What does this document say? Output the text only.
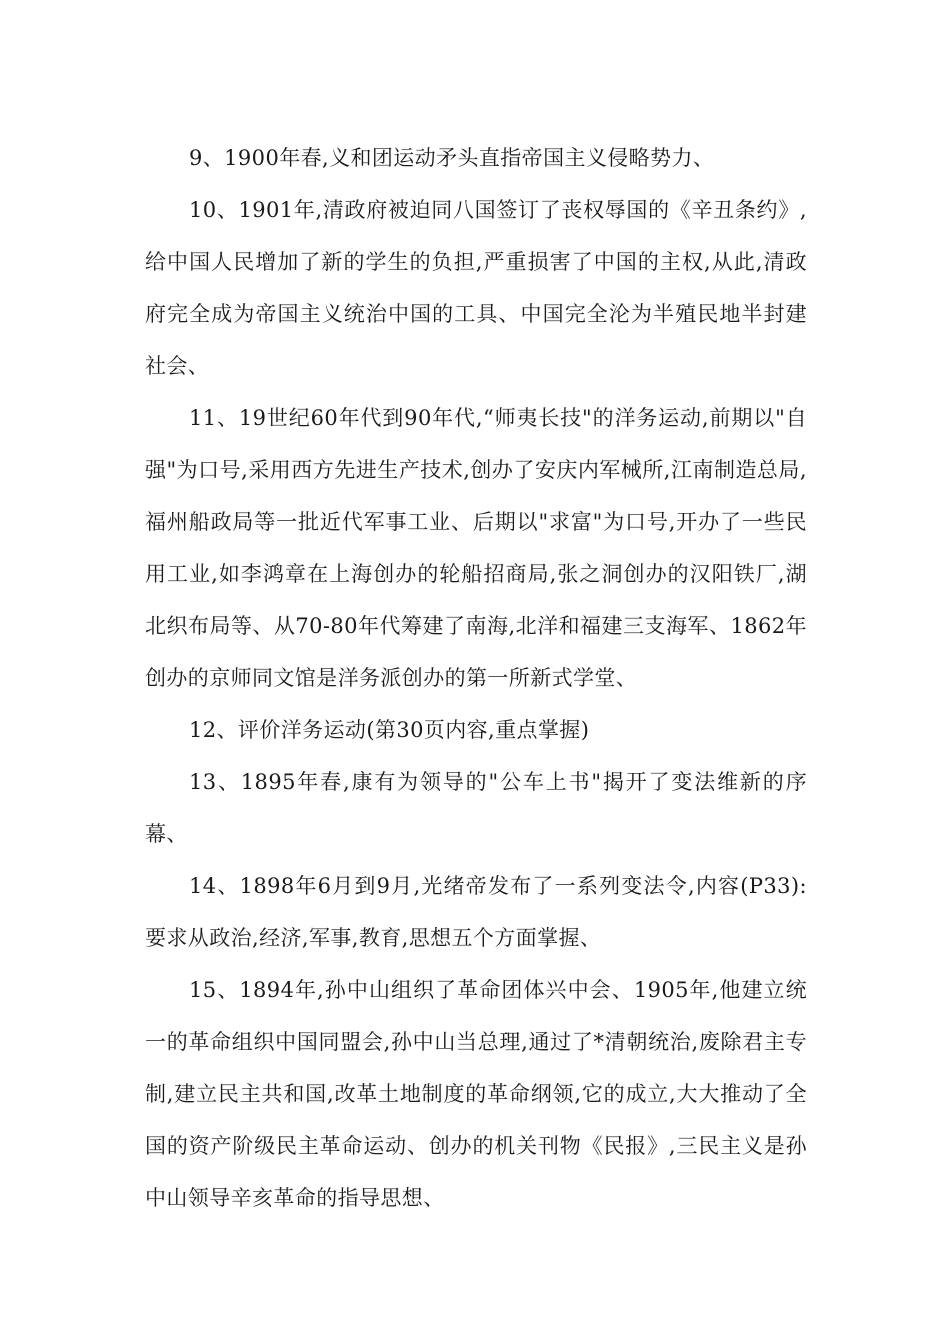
9、1900年春,义和团运动矛头直指帝国主义侵略势力、

10、1901年,清政府被迫同八国签订了丧权辱国的《辛丑条约》,给中国人民增加了新的学生的负担,严重损害了中国的主权,从此,清政府完全成为帝国主义统治中国的工具、中国完全沦为半殖民地半封建社会、

11、19世纪60年代到90年代,“师夷长技"的洋务运动,前期以"自强"为口号,采用西方先进生产技术,创办了安庆内军械所,江南制造总局,福州船政局等一批近代军事工业、后期以"求富"为口号,开办了一些民用工业,如李鸿章在上海创办的轮船招商局,张之洞创办的汉阳铁厂,湖北织布局等、从70-80年代筹建了南海,北洋和福建三支海军、1862年创办的京师同文馆是洋务派创办的第一所新式学堂、

12、评价洋务运动(第30页内容,重点掌握)

13、1895年春,康有为领导的"公车上书"揭开了变法维新的序幕、

14、1898年6月到9月,光绪帝发布了一系列变法令,内容(P33):要求从政治,经济,军事,教育,思想五个方面掌握、

15、1894年,孙中山组织了革命团体兴中会、1905年,他建立统一的革命组织中国同盟会,孙中山当总理,通过了*清朝统治,废除君主专制,建立民主共和国,改革土地制度的革命纲领,它的成立,大大推动了全国的资产阶级民主革命运动、创办的机关刊物《民报》,三民主义是孙中山领导辛亥革命的指导思想、
